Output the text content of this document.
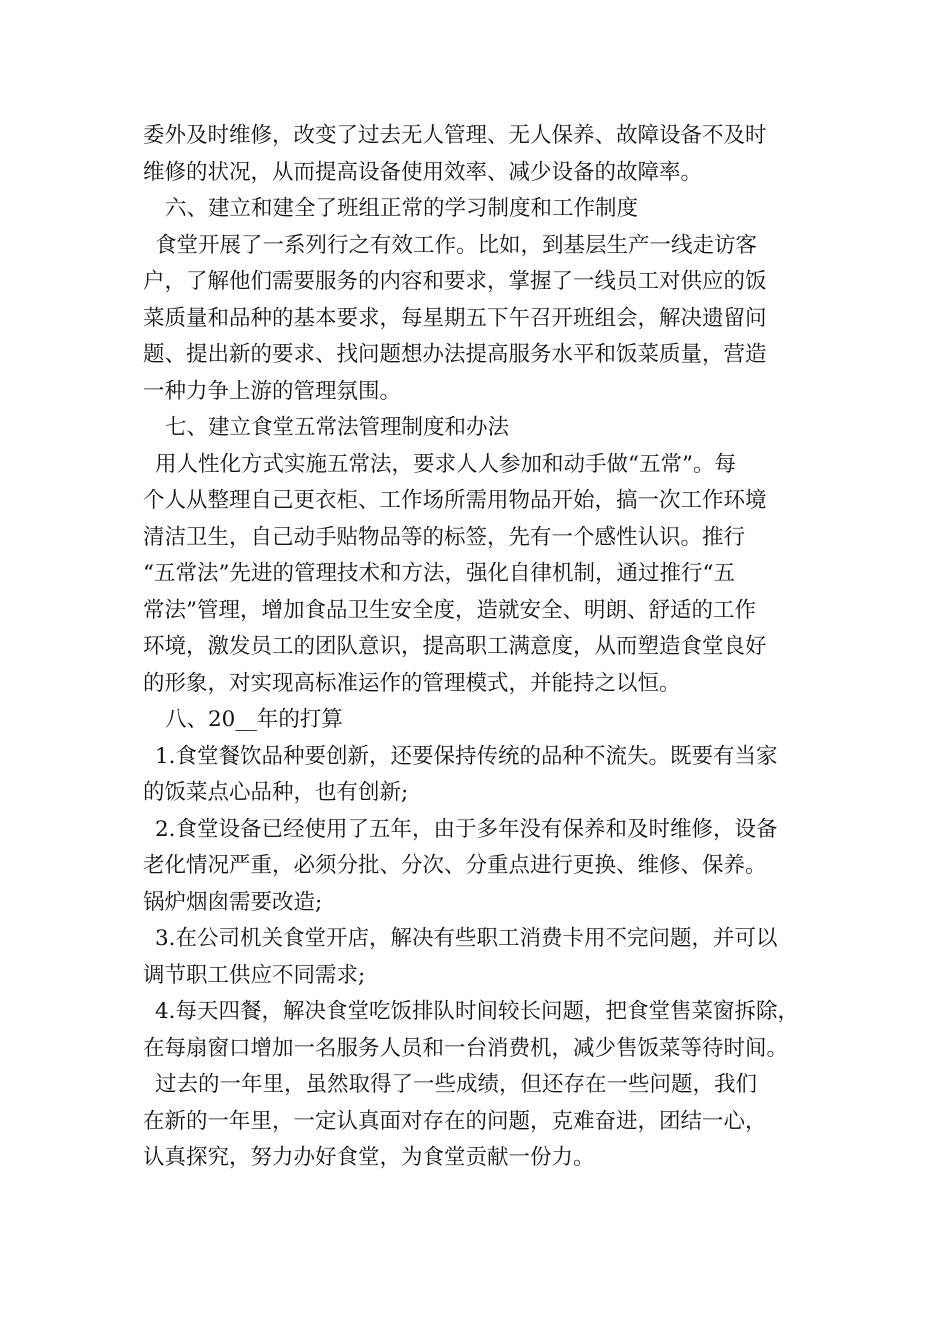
委外及时维修，改变了过去无人管理、无人保养、故障设备不及时
维修的状况，从而提高设备使用效率、减少设备的故障率。
六、建立和建全了班组正常的学习制度和工作制度
食堂开展了一系列行之有效工作。比如，到基层生产一线走访客
户，了解他们需要服务的内容和要求，掌握了一线员工对供应的饭
菜质量和品种的基本要求，每星期五下午召开班组会，解决遗留问
题、提出新的要求、找问题想办法提高服务水平和饭菜质量，营造
一种力争上游的管理氛围。
七、建立食堂五常法管理制度和办法
用人性化方式实施五常法，要求人人参加和动手做“五常”。每
个人从整理自己更衣柜、工作场所需用物品开始，搞一次工作环境
清洁卫生，自己动手贴物品等的标签，先有一个感性认识。推行
“五常法”先进的管理技术和方法，强化自律机制，通过推行“五
常法”管理，增加食品卫生安全度，造就安全、明朗、舒适的工作
环境，激发员工的团队意识，提高职工满意度，从而塑造食堂良好
的形象，对实现高标准运作的管理模式，并能持之以恒。
八、20__年的打算
1.食堂餐饮品种要创新，还要保持传统的品种不流失。既要有当家
的饭菜点心品种，也有创新;
2.食堂设备已经使用了五年，由于多年没有保养和及时维修，设备
老化情况严重，必须分批、分次、分重点进行更换、维修、保养。
锅炉烟囱需要改造;
3.在公司机关食堂开店，解决有些职工消费卡用不完问题，并可以
调节职工供应不同需求;
4.每天四餐，解决食堂吃饭排队时间较长问题，把食堂售菜窗拆除，
在每扇窗口增加一名服务人员和一台消费机，减少售饭菜等待时间。
过去的一年里，虽然取得了一些成绩，但还存在一些问题，我们
在新的一年里，一定认真面对存在的问题，克难奋进，团结一心，
认真探究，努力办好食堂，为食堂贡献一份力。
